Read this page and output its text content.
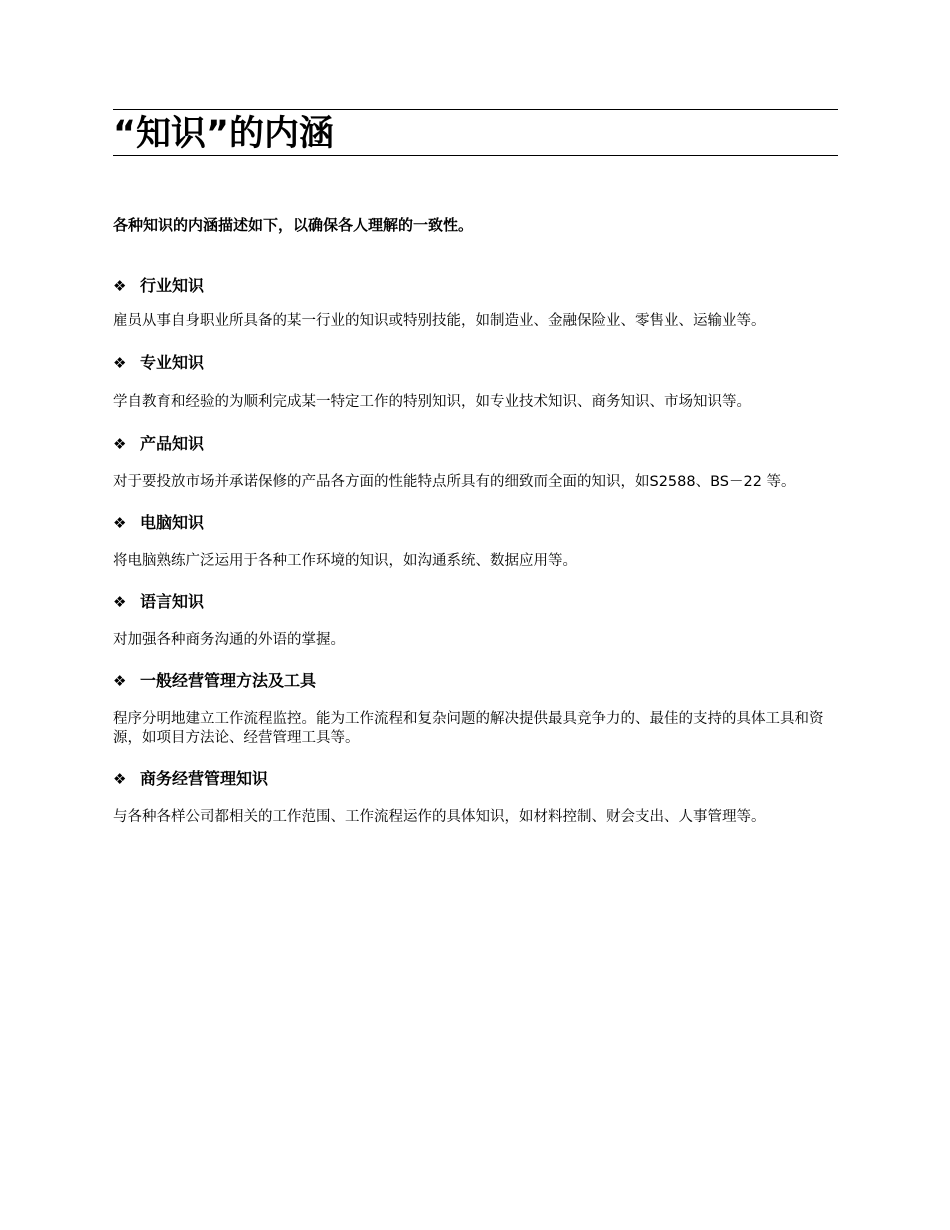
“知识”的内涵

各种知识的内涵描述如下，以确保各人理解的一致性。

❖ 行业知识

雇员从事自身职业所具备的某一行业的知识或特别技能，如制造业、金融保险业、零售业、运输业等。

❖ 专业知识

学自教育和经验的为顺利完成某一特定工作的特别知识，如专业技术知识、商务知识、市场知识等。

❖ 产品知识

对于要投放市场并承诺保修的产品各方面的性能特点所具有的细致而全面的知识，如S2588、BS－22 等。

❖ 电脑知识

将电脑熟练广泛运用于各种工作环境的知识，如沟通系统、数据应用等。

❖ 语言知识

对加强各种商务沟通的外语的掌握。

❖ 一般经营管理方法及工具

程序分明地建立工作流程监控。能为工作流程和复杂问题的解决提供最具竞争力的、最佳的支持的具体工具和资源，如项目方法论、经营管理工具等。

❖ 商务经营管理知识

与各种各样公司都相关的工作范围、工作流程运作的具体知识，如材料控制、财会支出、人事管理等。
